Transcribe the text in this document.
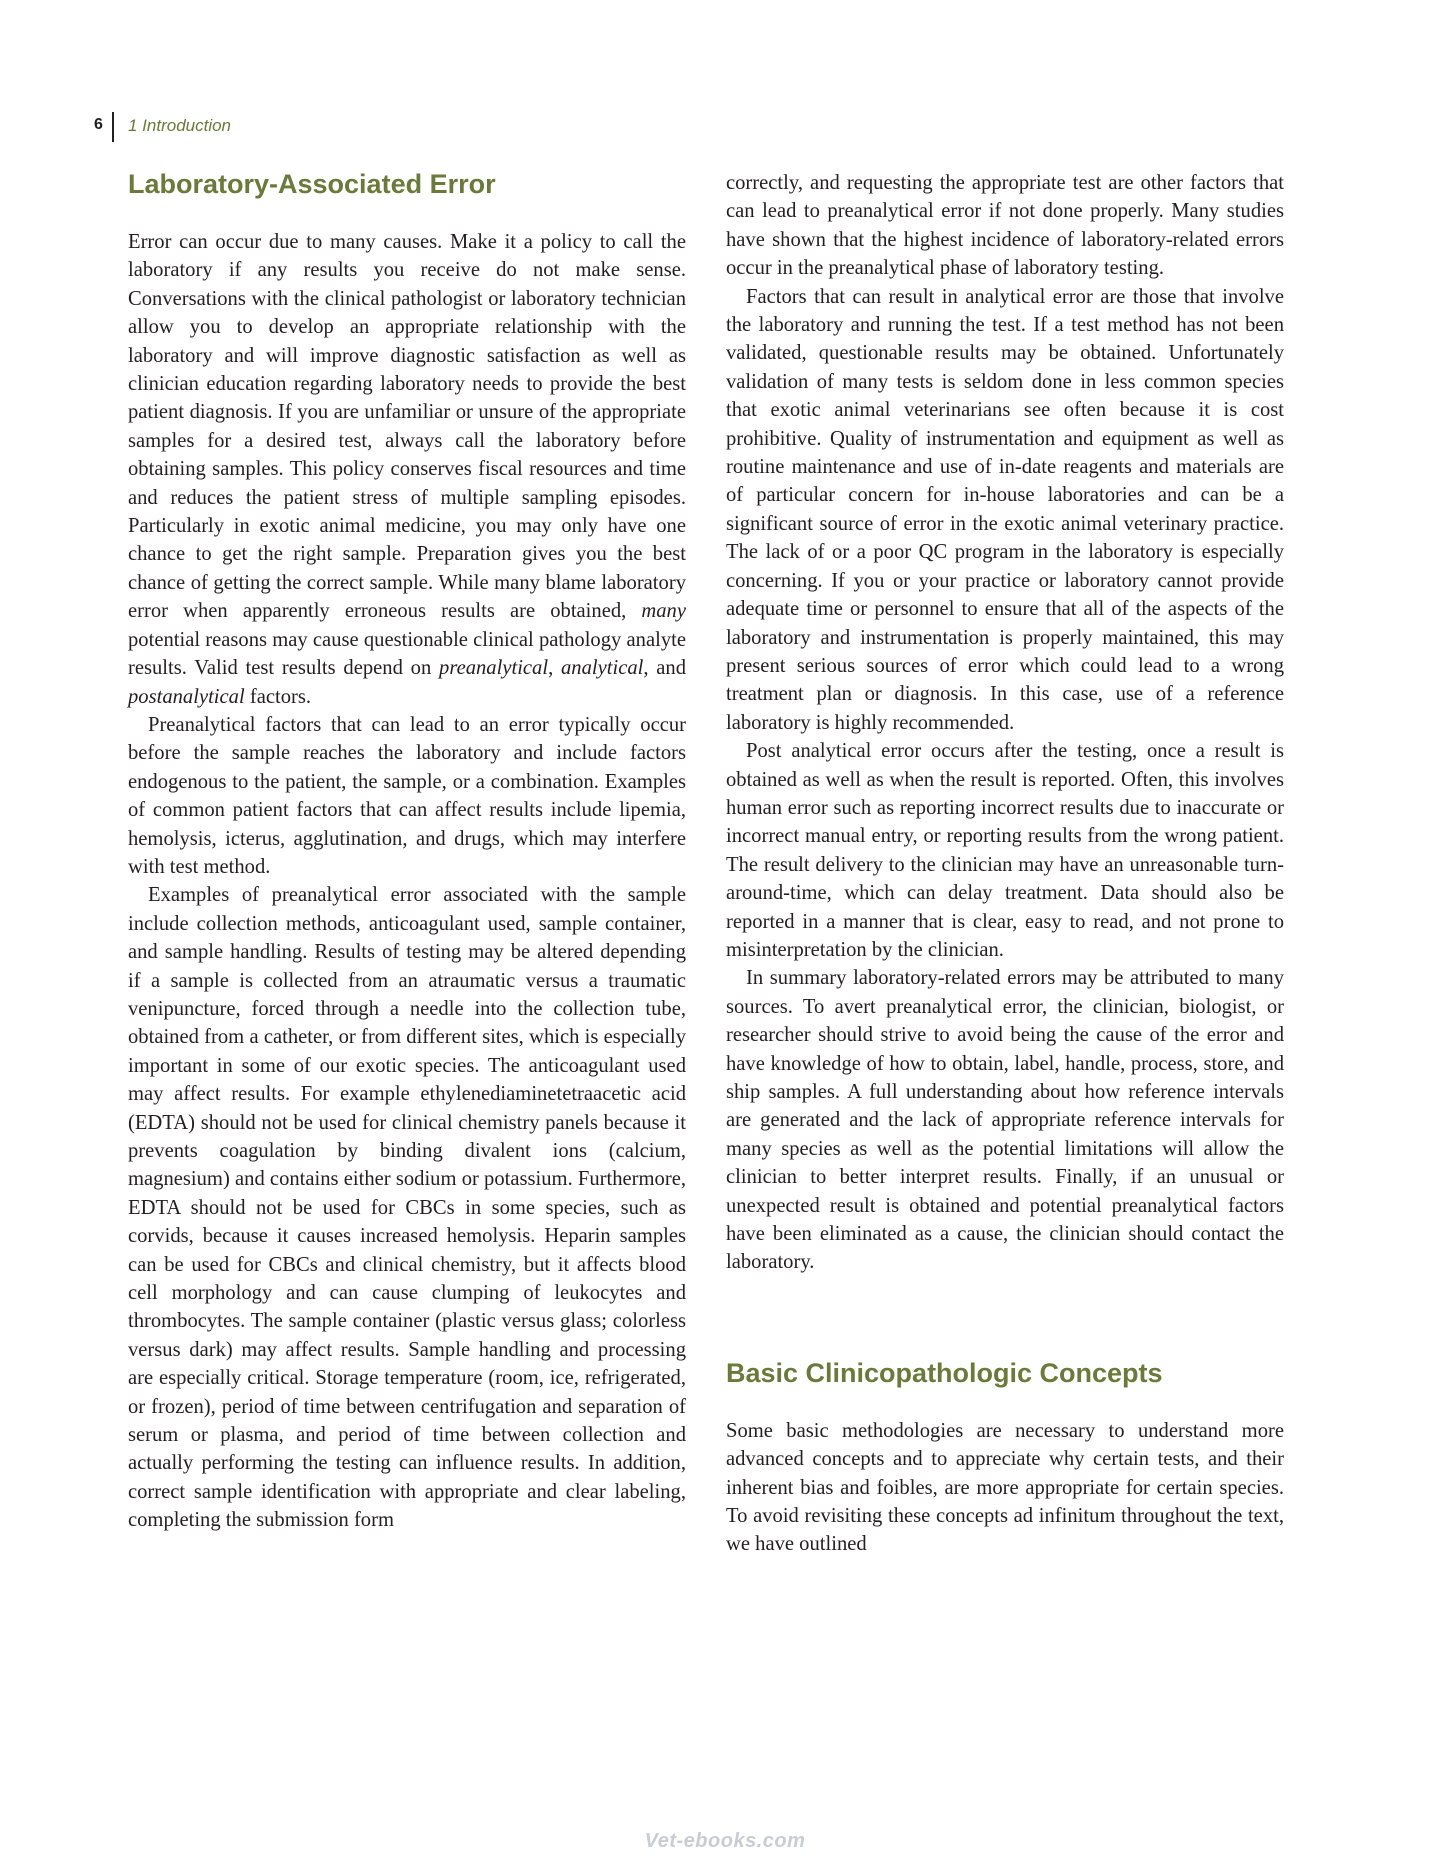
6 1 Introduction
Laboratory-Associated Error

Error can occur due to many causes. Make it a policy to call the laboratory if any results you receive do not make sense. Conversations with the clinical pathologist or laboratory technician allow you to develop an appropriate relationship with the laboratory and will improve diagnostic satisfaction as well as clinician education regarding laboratory needs to provide the best patient diagnosis. If you are unfamiliar or unsure of the appropriate samples for a desired test, always call the laboratory before obtaining samples. This policy conserves fiscal resources and time and reduces the patient stress of multiple sampling episodes. Particularly in exotic animal medicine, you may only have one chance to get the right sample. Preparation gives you the best chance of getting the correct sample. While many blame laboratory error when apparently erroneous results are obtained, many potential reasons may cause questionable clinical pathology analyte results. Valid test results depend on preanalytical, analytical, and postanalytical factors.

Preanalytical factors that can lead to an error typically occur before the sample reaches the laboratory and include factors endogenous to the patient, the sample, or a combination. Examples of common patient factors that can affect results include lipemia, hemolysis, icterus, agglutination, and drugs, which may interfere with test method.

Examples of preanalytical error associated with the sample include collection methods, anticoagulant used, sample container, and sample handling. Results of testing may be altered depending if a sample is collected from an atraumatic versus a traumatic venipuncture, forced through a needle into the collection tube, obtained from a catheter, or from different sites, which is especially important in some of our exotic species. The anticoagulant used may affect results. For example ethylenediaminetetraacetic acid (EDTA) should not be used for clinical chemistry panels because it prevents coagulation by binding divalent ions (calcium, magnesium) and contains either sodium or potassium. Furthermore, EDTA should not be used for CBCs in some species, such as corvids, because it causes increased hemolysis. Heparin samples can be used for CBCs and clinical chemistry, but it affects blood cell morphology and can cause clumping of leukocytes and thrombocytes. The sample container (plastic versus glass; colorless versus dark) may affect results. Sample handling and processing are especially critical. Storage temperature (room, ice, refrigerated, or frozen), period of time between centrifugation and separation of serum or plasma, and period of time between collection and actually performing the testing can influence results. In addition, correct sample identification with appropriate and clear labeling, completing the submission form

correctly, and requesting the appropriate test are other factors that can lead to preanalytical error if not done properly. Many studies have shown that the highest incidence of laboratory-related errors occur in the preanalytical phase of laboratory testing.

Factors that can result in analytical error are those that involve the laboratory and running the test. If a test method has not been validated, questionable results may be obtained. Unfortunately validation of many tests is seldom done in less common species that exotic animal veterinarians see often because it is cost prohibitive. Quality of instrumentation and equipment as well as routine maintenance and use of in-date reagents and materials are of particular concern for in-house laboratories and can be a significant source of error in the exotic animal veterinary practice. The lack of or a poor QC program in the laboratory is especially concerning. If you or your practice or laboratory cannot provide adequate time or personnel to ensure that all of the aspects of the laboratory and instrumentation is properly maintained, this may present serious sources of error which could lead to a wrong treatment plan or diagnosis. In this case, use of a reference laboratory is highly recommended.

Post analytical error occurs after the testing, once a result is obtained as well as when the result is reported. Often, this involves human error such as reporting incorrect results due to inaccurate or incorrect manual entry, or reporting results from the wrong patient. The result delivery to the clinician may have an unreasonable turn-around-time, which can delay treatment. Data should also be reported in a manner that is clear, easy to read, and not prone to misinterpretation by the clinician.

In summary laboratory-related errors may be attributed to many sources. To avert preanalytical error, the clinician, biologist, or researcher should strive to avoid being the cause of the error and have knowledge of how to obtain, label, handle, process, store, and ship samples. A full understanding about how reference intervals are generated and the lack of appropriate reference intervals for many species as well as the potential limitations will allow the clinician to better interpret results. Finally, if an unusual or unexpected result is obtained and potential preanalytical factors have been eliminated as a cause, the clinician should contact the laboratory.

Basic Clinicopathologic Concepts

Some basic methodologies are necessary to understand more advanced concepts and to appreciate why certain tests, and their inherent bias and foibles, are more appropriate for certain species. To avoid revisiting these concepts ad infinitum throughout the text, we have outlined

Vet-ebooks.com
